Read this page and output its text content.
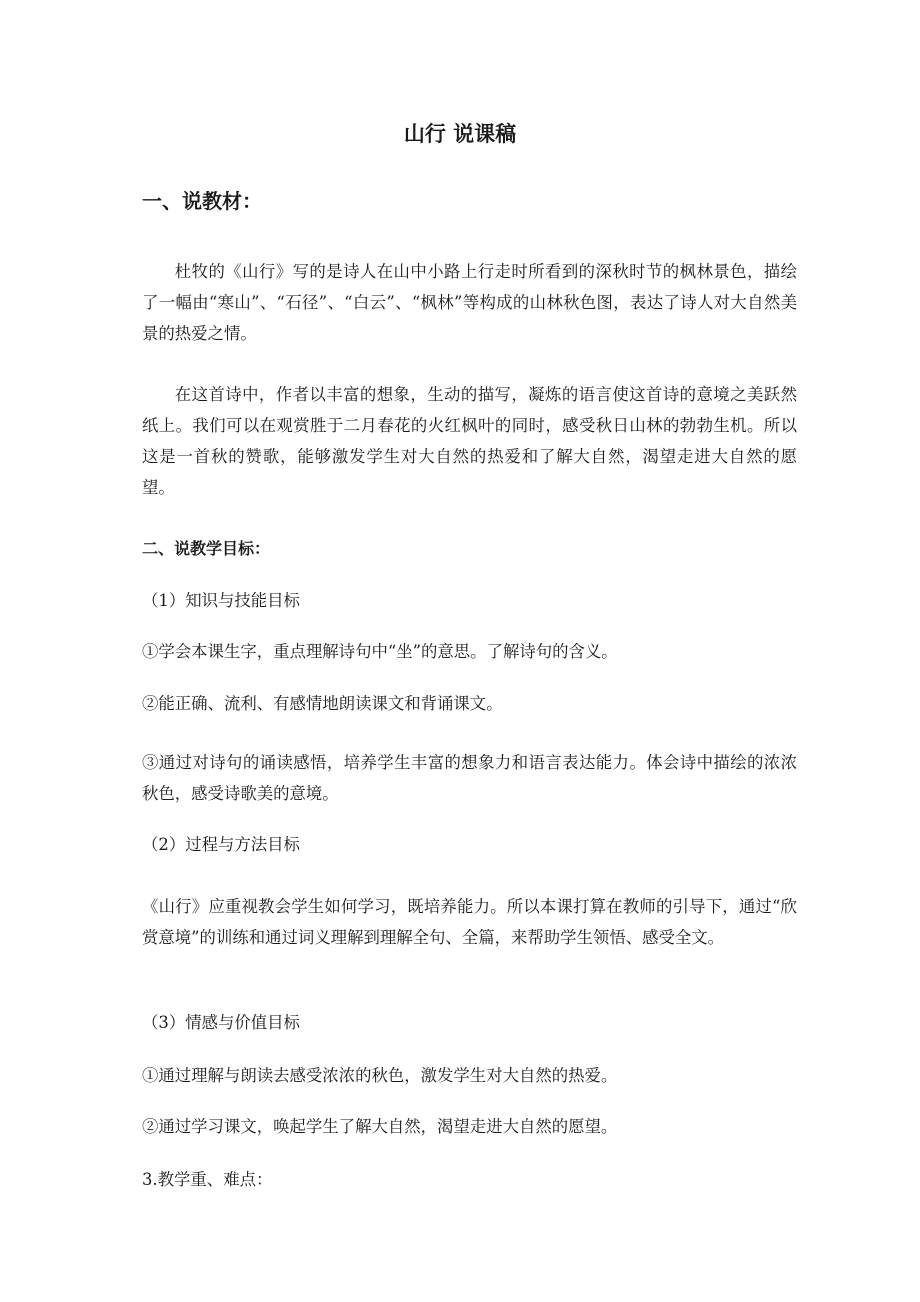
山行 说课稿
一、说教材：
杜牧的《山行》写的是诗人在山中小路上行走时所看到的深秋时节的枫林景色，描绘了一幅由“寒山”、“石径”、“白云”、“枫林”等构成的山林秋色图，表达了诗人对大自然美景的热爱之情。
在这首诗中，作者以丰富的想象，生动的描写，凝炼的语言使这首诗的意境之美跃然纸上。我们可以在观赏胜于二月春花的火红枫叶的同时，感受秋日山林的勃勃生机。所以这是一首秋的赞歌，能够激发学生对大自然的热爱和了解大自然，渴望走进大自然的愿望。
二、说教学目标：
（1）知识与技能目标
①学会本课生字，重点理解诗句中“坐”的意思。了解诗句的含义。
②能正确、流利、有感情地朗读课文和背诵课文。
③通过对诗句的诵读感悟，培养学生丰富的想象力和语言表达能力。体会诗中描绘的浓浓秋色，感受诗歌美的意境。
（2）过程与方法目标
《山行》应重视教会学生如何学习，既培养能力。所以本课打算在教师的引导下，通过“欣赏意境”的训练和通过词义理解到理解全句、全篇，来帮助学生领悟、感受全文。
（3）情感与价值目标
①通过理解与朗读去感受浓浓的秋色，激发学生对大自然的热爱。
②通过学习课文，唤起学生了解大自然，渴望走进大自然的愿望。
3.教学重、难点：
